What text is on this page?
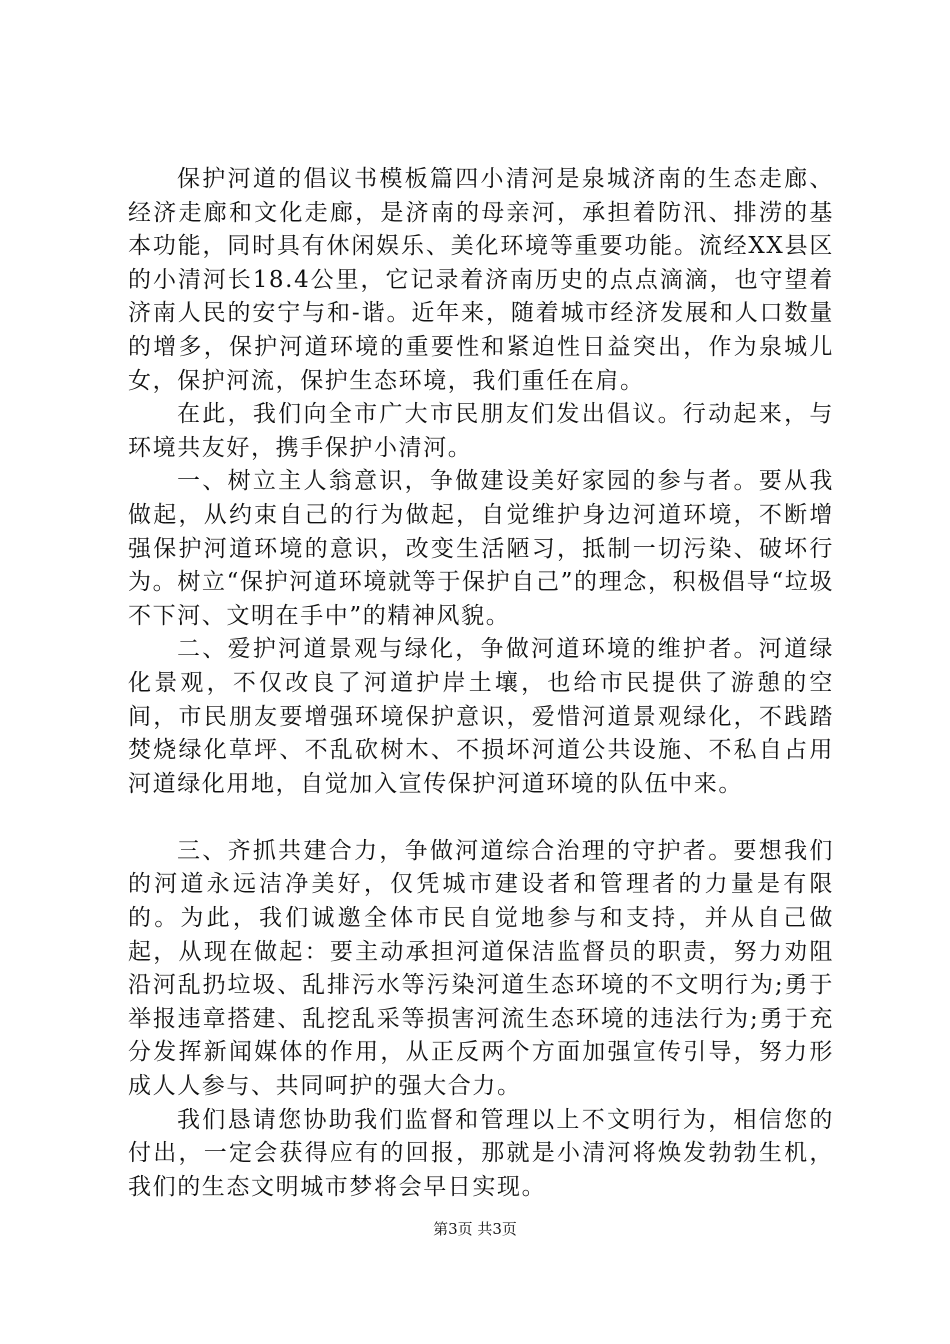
保护河道的倡议书模板篇四小清河是泉城济南的生态走廊、经济走廊和文化走廊，是济南的母亲河，承担着防汛、排涝的基本功能，同时具有休闲娱乐、美化环境等重要功能。流经XX县区的小清河长18.4公里，它记录着济南历史的点点滴滴，也守望着济南人民的安宁与和-谐。近年来，随着城市经济发展和人口数量的增多，保护河道环境的重要性和紧迫性日益突出，作为泉城儿女，保护河流，保护生态环境，我们重任在肩。

在此，我们向全市广大市民朋友们发出倡议。行动起来，与环境共友好，携手保护小清河。

一、树立主人翁意识，争做建设美好家园的参与者。要从我做起，从约束自己的行为做起，自觉维护身边河道环境，不断增强保护河道环境的意识，改变生活陋习，抵制一切污染、破坏行为。树立“保护河道环境就等于保护自己”的理念，积极倡导“垃圾不下河、文明在手中”的精神风貌。

二、爱护河道景观与绿化，争做河道环境的维护者。河道绿化景观，不仅改良了河道护岸土壤，也给市民提供了游憩的空间，市民朋友要增强环境保护意识，爱惜河道景观绿化，不践踏焚烧绿化草坪、不乱砍树木、不损坏河道公共设施、不私自占用河道绿化用地，自觉加入宣传保护河道环境的队伍中来。

三、齐抓共建合力，争做河道综合治理的守护者。要想我们的河道永远洁净美好，仅凭城市建设者和管理者的力量是有限的。为此，我们诚邀全体市民自觉地参与和支持，并从自己做起，从现在做起：要主动承担河道保洁监督员的职责，努力劝阻沿河乱扔垃圾、乱排污水等污染河道生态环境的不文明行为;勇于举报违章搭建、乱挖乱采等损害河流生态环境的违法行为;勇于充分发挥新闻媒体的作用，从正反两个方面加强宣传引导，努力形成人人参与、共同呵护的强大合力。

我们恳请您协助我们监督和管理以上不文明行为，相信您的付出，一定会获得应有的回报，那就是小清河将焕发勃勃生机，我们的生态文明城市梦将会早日实现。

第3页 共3页
